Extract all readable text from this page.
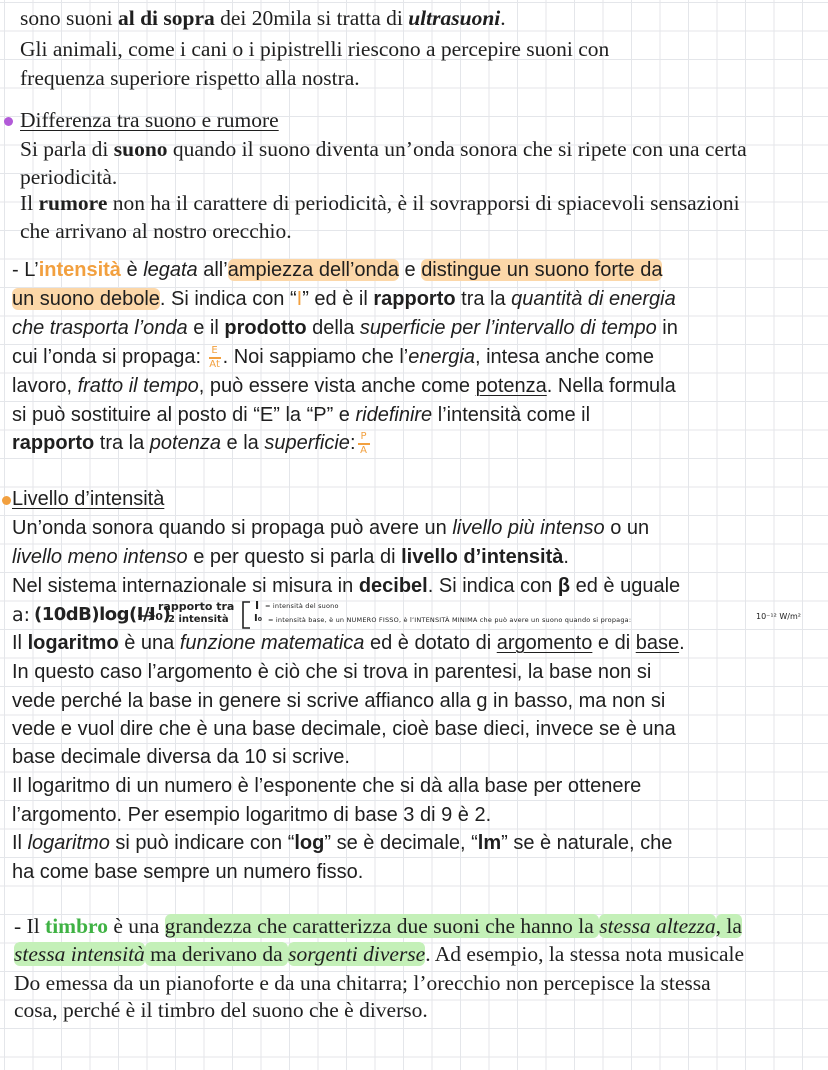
sono suoni al di sopra dei 20mila si tratta di ultrasuoni.
Gli animali, come i cani o i pipistrelli riescono a percepire suoni con
frequenza superiore rispetto alla nostra.
Differenza tra suono e rumore
Si parla di suono quando il suono diventa un’onda sonora che si ripete con una certa
periodicità.
Il rumore non ha il carattere di periodicità, è il sovrapporsi di spiacevoli sensazioni
che arrivano al nostro orecchio.
- L’intensità è legata all’ampiezza dell’onda e distingue un suono forte da
un suono debole. Si indica con “I” ed è il rapporto tra la quantità di energia
che trasporta l’onda e il prodotto della superficie per l’intervallo di tempo in
cui l’onda si propaga: $\frac{E}{At}$ . Noi sappiamo che l’energia, intesa anche come
lavoro, fratto il tempo, può essere vista anche come potenza. Nella formula
si può sostituire al posto di “E” la “P” e ridefinire l’intensità come il
rapporto tra la potenza e la superficie: $\frac{P}{A}$
Livello d’intensità
Un’onda sonora quando si propaga può avere un livello più intenso o un
livello meno intenso e per questo si parla di livello d’intensità.
Nel sistema internazionale si misura in decibel. Si indica con β ed è uguale
a: (10dB)log(I/I₀)
rapporto tra
2 intensità
I = intensità del suono
I₀ = intensità base, è un NUMERO FISSO, è l’INTENSITÀ MINIMA che può avere un suono quando si propaga:	10⁻¹² W/m²
Il logaritmo è una funzione matematica ed è dotato di argomento e di base.
In questo caso l’argomento è ciò che si trova in parentesi, la base non si
vede perché la base in genere si scrive affianco alla g in basso, ma non si
vede e vuol dire che è una base decimale, cioè base dieci, invece se è una
base decimale diversa da 10 si scrive.
Il logaritmo di un numero è l’esponente che si dà alla base per ottenere
l’argomento. Per esempio logaritmo di base 3 di 9 è 2.
Il logaritmo si può indicare con “log” se è decimale, “lm” se è naturale, che
ha come base sempre un numero fisso.
- Il timbro è una grandezza che caratterizza due suoni che hanno la stessa altezza, la
stessa intensità ma derivano da sorgenti diverse. Ad esempio, la stessa nota musicale
Do emessa da un pianoforte e da una chitarra; l’orecchio non percepisce la stessa
cosa, perché è il timbro del suono che è diverso.
